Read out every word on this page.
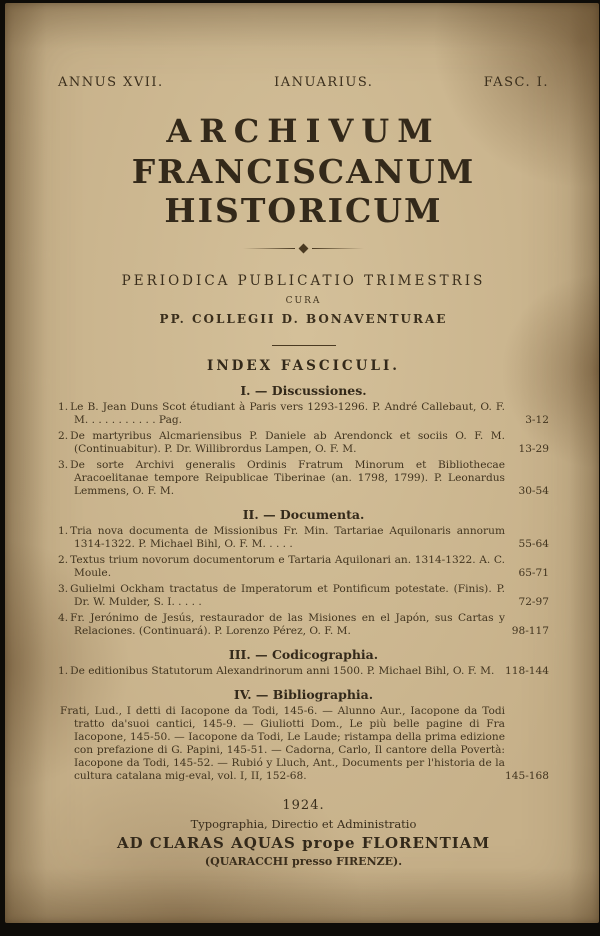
ANNUS XVII.	IANUARIUS.	FASC. I.
ARCHIVUM
FRANCISCANUM HISTORICUM
PERIODICA PUBLICATIO TRIMESTRIS
CURA
PP. COLLEGII D. BONAVENTURAE
INDEX FASCICULI.
I. — Discussiones.
3-12
1. Le B. Jean Duns Scot étudiant à Paris vers 1293-1296. P. André Callebaut, O. F. M. . . . . . . . . . . Pag.
13-29
2. De martyribus Alcmariensibus P. Daniele ab Arendonck et sociis O. F. M. (Continuabitur). P. Dr. Willibrordus Lampen, O. F. M.
30-54
3. De sorte Archivi generalis Ordinis Fratrum Minorum et Bibliothecae Aracoelitanae tempore Reipublicae Tiberinae (an. 1798, 1799). P. Leonardus Lemmens, O. F. M.
II. — Documenta.
55-64
1. Tria nova documenta de Missionibus Fr. Min. Tartariae Aquilonaris annorum 1314-1322. P. Michael Bihl, O. F. M. . . . .
65-71
2. Textus trium novorum documentorum e Tartaria Aquilonari an. 1314-1322. A. C. Moule.
72-97
3. Gulielmi Ockham tractatus de Imperatorum et Pontificum potestate. (Finis). P. Dr. W. Mulder, S. I. . . . .
98-117
4. Fr. Jerónimo de Jesús, restaurador de las Misiones en el Japón, sus Cartas y Relaciones. (Continuará). P. Lorenzo Pérez, O. F. M.
III. — Codicographia.
118-144
1. De editionibus Statutorum Alexandrinorum anni 1500. P. Michael Bihl, O. F. M.
IV. — Bibliographia.
145-168
Frati, Lud., I detti di Iacopone da Todi, 145-6. — Alunno Aur., Iacopone da Todi tratto da'suoi cantici, 145-9. — Giuliotti Dom., Le più belle pagine di Fra Iacopone, 145-50. — Iacopone da Todi, Le Laude; ristampa della prima edizione con prefazione di G. Papini, 145-51. — Cadorna, Carlo, Il cantore della Povertà: Iacopone da Todi, 145-52. — Rubió y Lluch, Ant., Documents per l'historia de la cultura catalana mig-eval, vol. I, II, 152-68.
1924.
Typographia, Directio et Administratio
AD CLARAS AQUAS prope FLORENTIAM
(QUARACCHI presso FIRENZE).
